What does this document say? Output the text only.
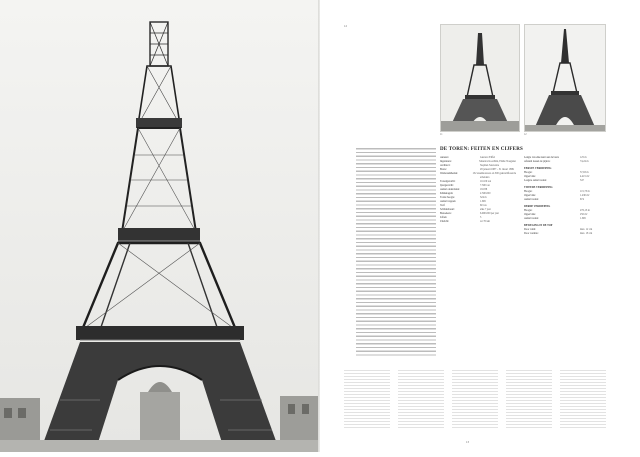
12
11	12
DE TOREN: FEITEN EN CIJFERS
Auteurs:	Gustave Eiffel
Ingenieurs:	Maurice Koechlin, Emile Nouguier
Architect:	Stephen Sauvestre
Bouw:	28 januari 1887 – 31 maart 1889
Werkzaamheden:	132 steenhouwers en 300 gekwalificeerde
arbeiders
Totaalgewicht:	10.100 ton
Ijzergewicht:	7.300 ton
Aantal onderdelen:	18.038
Klinknagels:	2.500.000
Totale hoogte:	324 m
Aantal trappen:	1.665
Verf:	60 ton
Schilderbeurt:	elke 7 jaar
Bezoekers:	6.900.000 per jaar
Liften:	5
Uitzicht:	tot 70 km
Lengte van elke kant aan de basis	125 m
Afstand tussen de pijlers:	74,24 m
EERSTE VERDIEPING
Hoogte:	57,63 m
Oppervlak:	4.415 m²
Laagste aantal treden:	347
TWEEDE VERDIEPING
Hoogte:	115,73 m
Oppervlak:	1.430 m²
Aantal treden:	674
DERDE VERDIEPING
Hoogte:	276,13 m
Oppervlak:	250 m²
Aantal treden:	1.665
BEWEGING IN DE TOP
Door wind:	max. 12 cm
Door warmte:	max. 18 cm
13
